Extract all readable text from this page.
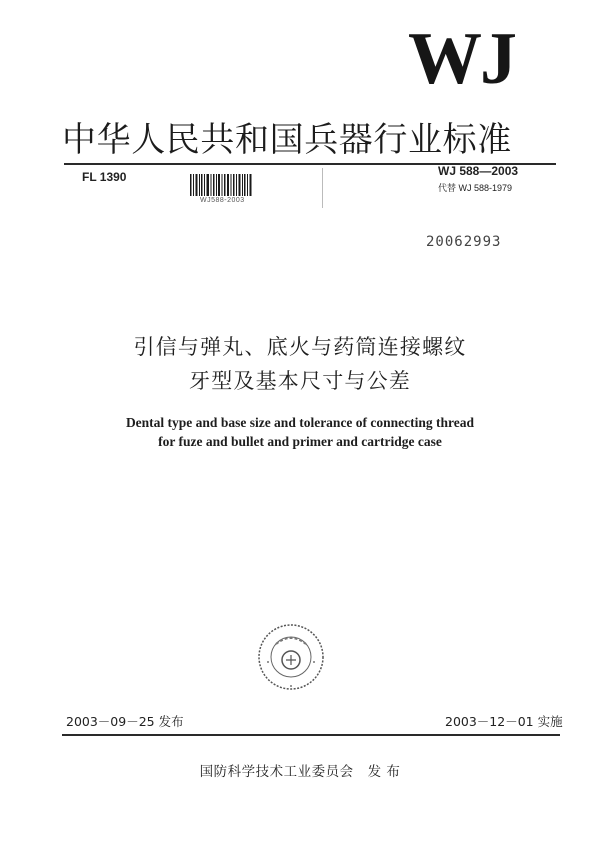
WJ
中华人民共和国兵器行业标准
FL 1390
WJ588-2003
WJ 588—2003
代替 WJ 588-1979
20062993
引信与弹丸、底火与药筒连接螺纹
牙型及基本尺寸与公差
Dental type and base size and tolerance of connecting thread
for fuze and bullet and primer and cartridge case
2003－09－25 发布	2003－12－01 实施
国防科学技术工业委员会 发 布
